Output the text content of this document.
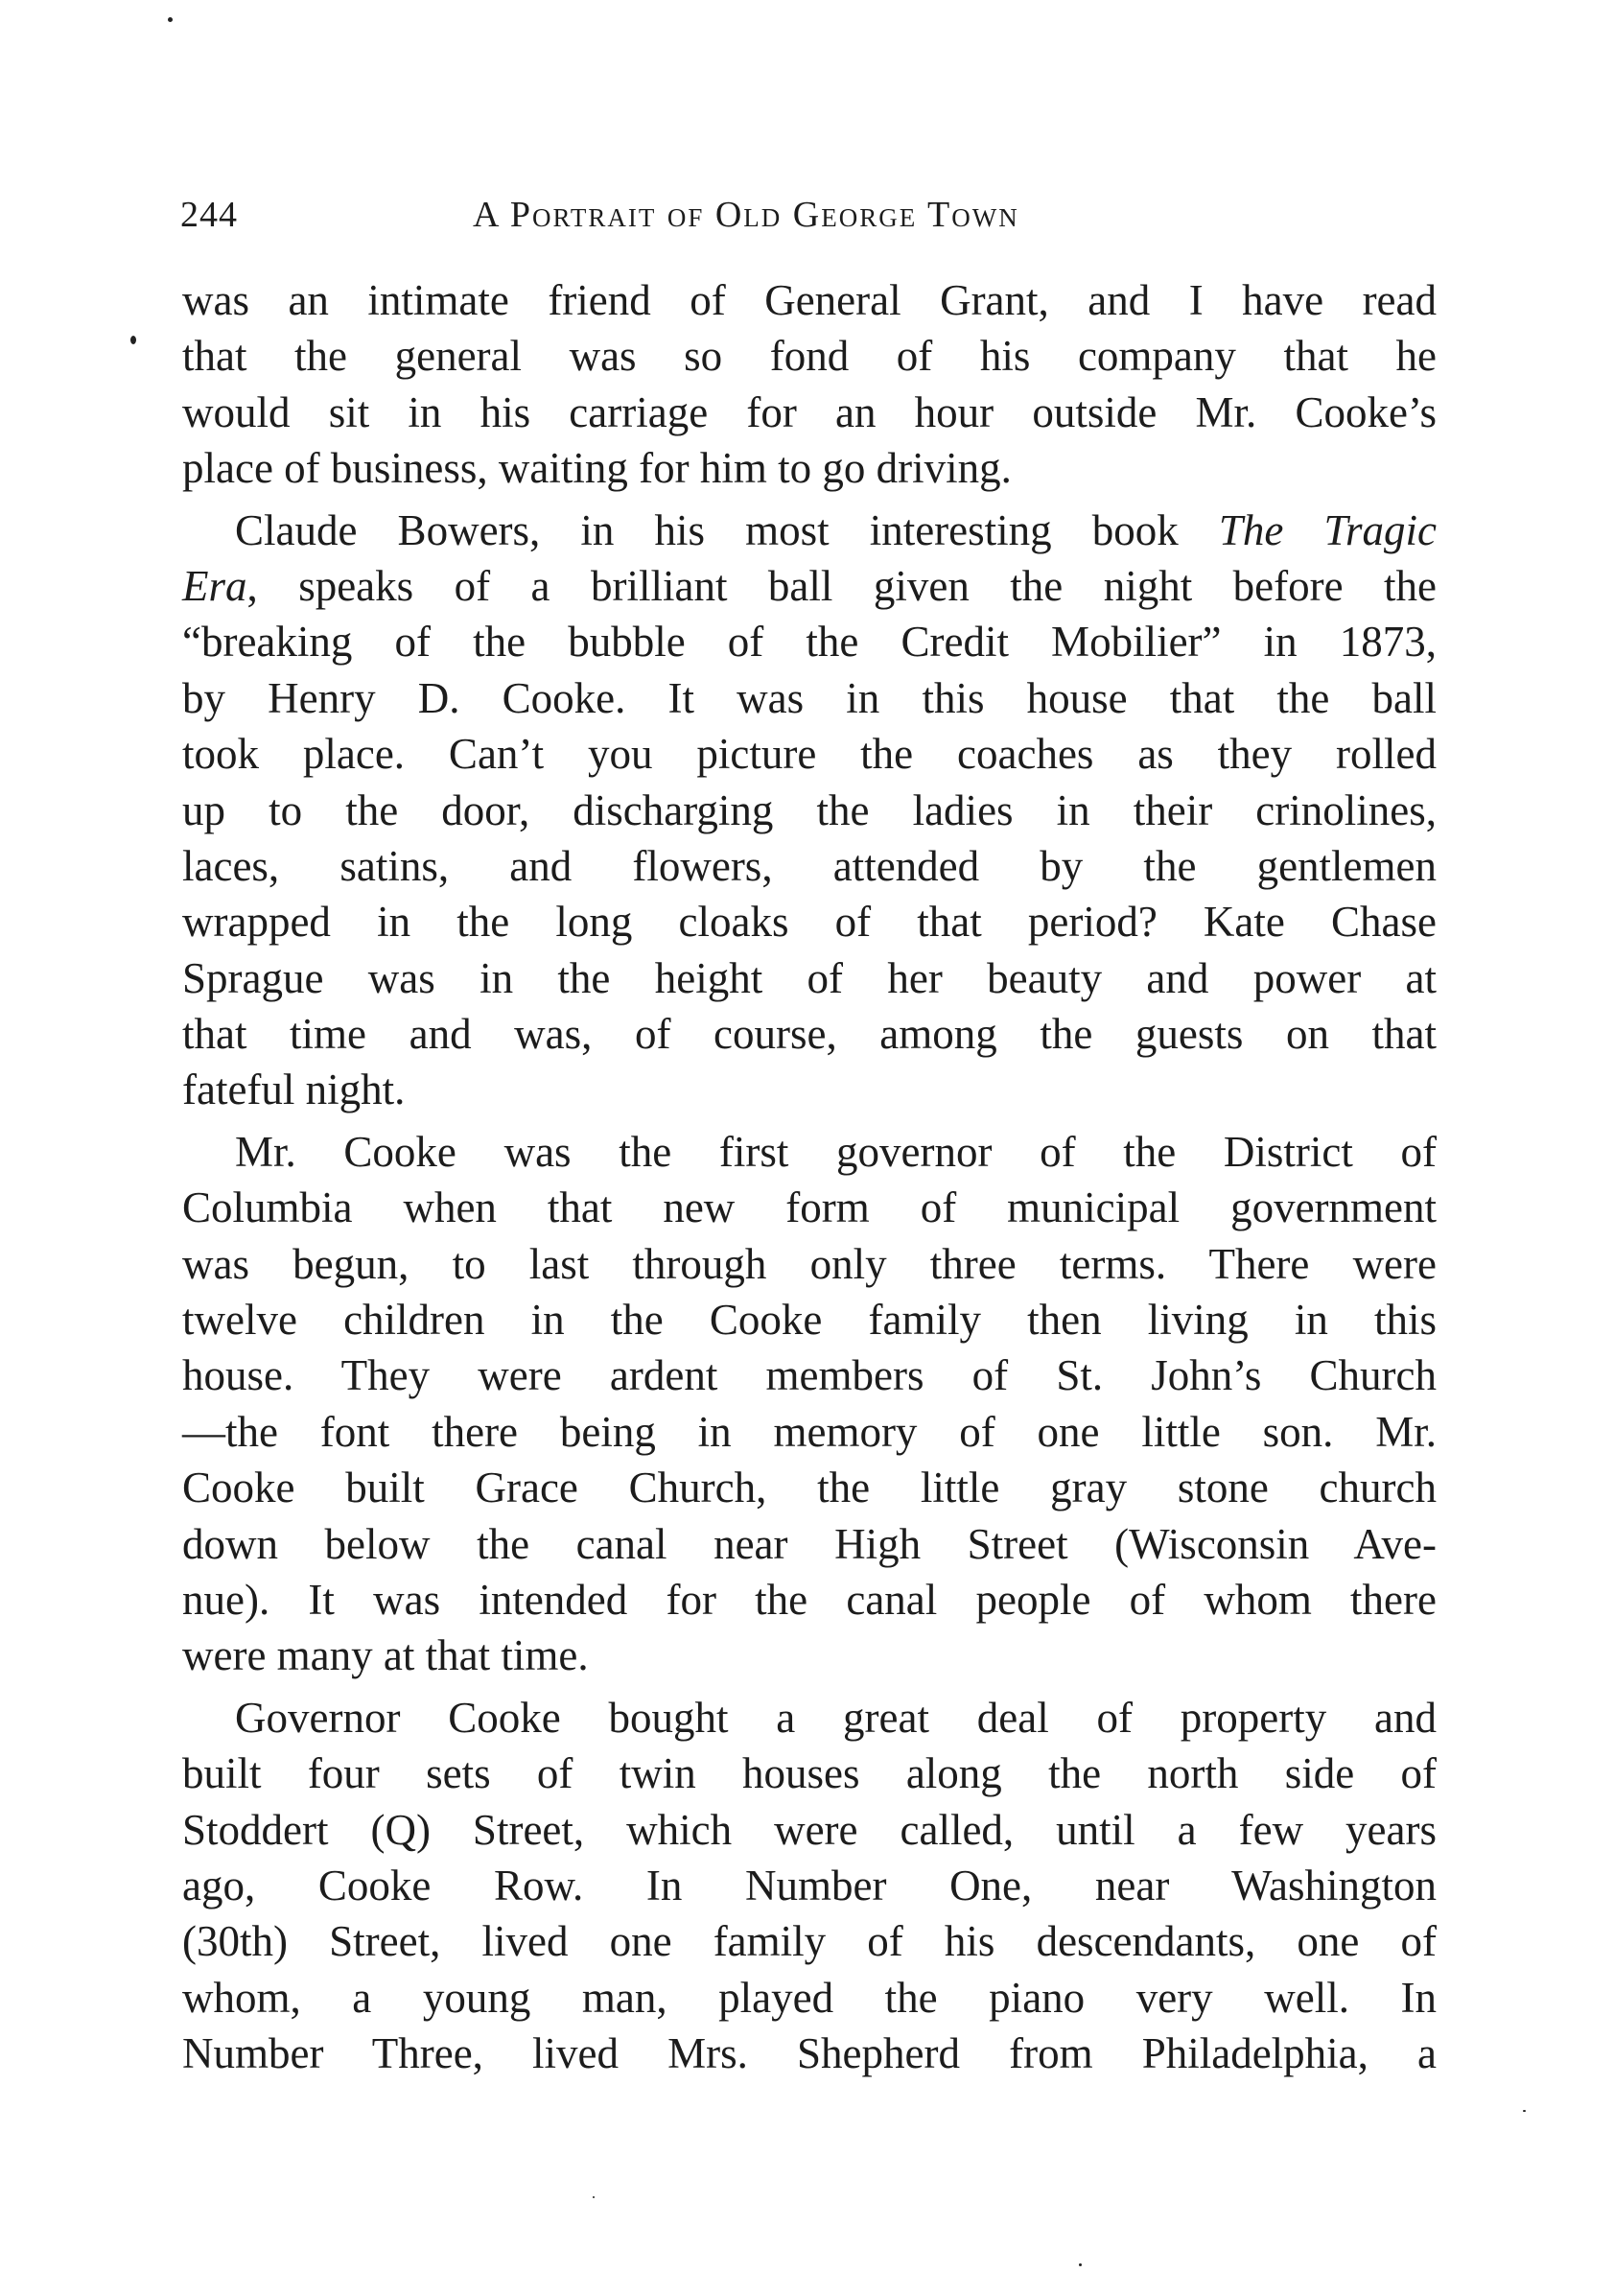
244	A Portrait of Old George Town

was an intimate friend of General Grant, and I have read
that the general was so fond of his company that he
would sit in his carriage for an hour outside Mr. Cooke’s
place of business, waiting for him to go driving.

Claude Bowers, in his most interesting book The Tragic
Era, speaks of a brilliant ball given the night before the
“breaking of the bubble of the Credit Mobilier” in 1873,
by Henry D. Cooke. It was in this house that the ball
took place. Can’t you picture the coaches as they rolled
up to the door, discharging the ladies in their crinolines,
laces, satins, and flowers, attended by the gentlemen
wrapped in the long cloaks of that period? Kate Chase
Sprague was in the height of her beauty and power at
that time and was, of course, among the guests on that
fateful night.

Mr. Cooke was the first governor of the District of
Columbia when that new form of municipal government
was begun, to last through only three terms. There were
twelve children in the Cooke family then living in this
house. They were ardent members of St. John’s Church
—the font there being in memory of one little son. Mr.
Cooke built Grace Church, the little gray stone church
down below the canal near High Street (Wisconsin Ave-
nue). It was intended for the canal people of whom there
were many at that time.

Governor Cooke bought a great deal of property and
built four sets of twin houses along the north side of
Stoddert (Q) Street, which were called, until a few years
ago, Cooke Row. In Number One, near Washington
(30th) Street, lived one family of his descendants, one of
whom, a young man, played the piano very well. In
Number Three, lived Mrs. Shepherd from Philadelphia, a
